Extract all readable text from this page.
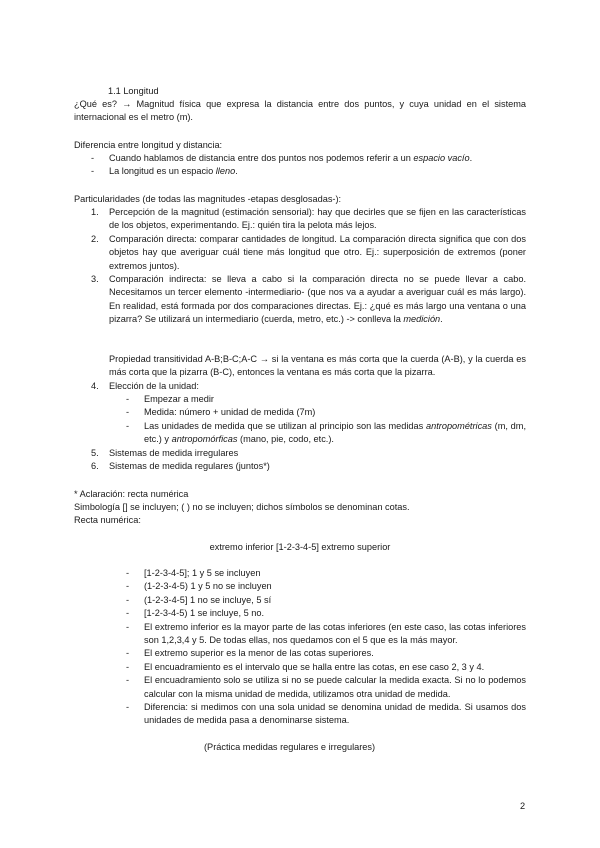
1.1 Longitud
¿Qué es? → Magnitud física que expresa la distancia entre dos puntos, y cuya unidad en el sistema internacional es el metro (m).
Diferencia entre longitud y distancia:
-	Cuando hablamos de distancia entre dos puntos nos podemos referir a un espacio vacío.
-	La longitud es un espacio lleno.
Particularidades (de todas las magnitudes -etapas desglosadas-):
1.	Percepción de la magnitud (estimación sensorial): hay que decirles que se fijen en las características de los objetos, experimentando. Ej.: quién tira la pelota más lejos.
2.	Comparación directa: comparar cantidades de longitud. La comparación directa significa que con dos objetos hay que averiguar cuál tiene más longitud que otro. Ej.: superposición de extremos (poner extremos juntos).
3.	Comparación indirecta: se lleva a cabo si la comparación directa no se puede llevar a cabo. Necesitamos un tercer elemento -intermediario- (que nos va a ayudar a averiguar cuál es más largo). En realidad, está formada por dos comparaciones directas. Ej.: ¿qué es más largo una ventana o una pizarra? Se utilizará un intermediario (cuerda, metro, etc.) -> conlleva la medición.
Propiedad transitividad A-B;B-C;A-C → si la ventana es más corta que la cuerda (A-B), y la cuerda es más corta que la pizarra (B-C), entonces la ventana es más corta que la pizarra.
4.	Elección de la unidad:
-	Empezar a medir
-	Medida: número + unidad de medida (7m)
-	Las unidades de medida que se utilizan al principio son las medidas antropométricas (m, dm, etc.) y antropomórficas (mano, pie, codo, etc.).
5.	Sistemas de medida irregulares
6.	Sistemas de medida regulares (juntos*)
* Aclaración: recta numérica
Simbología [] se incluyen; ( ) no se incluyen; dichos símbolos se denominan cotas.
Recta numérica:
extremo inferior [1-2-3-4-5] extremo superior
-	[1-2-3-4-5]; 1 y 5 se incluyen
-	(1-2-3-4-5) 1 y 5 no se incluyen
-	(1-2-3-4-5] 1 no se incluye, 5 sí
-	[1-2-3-4-5) 1 se incluye, 5 no.
-	El extremo inferior es la mayor parte de las cotas inferiores (en este caso, las cotas inferiores son 1,2,3,4 y 5. De todas ellas, nos quedamos con el 5 que es la más mayor.
-	El extremo superior es la menor de las cotas superiores.
-	El encuadramiento es el intervalo que se halla entre las cotas, en ese caso 2, 3 y 4.
-	El encuadramiento solo se utiliza si no se puede calcular la medida exacta. Si no lo podemos calcular con la misma unidad de medida, utilizamos otra unidad de medida.
-	Diferencia: si medimos con una sola unidad se denomina unidad de medida. Si usamos dos unidades de medida pasa a denominarse sistema.
(Práctica medidas regulares e irregulares)
2
